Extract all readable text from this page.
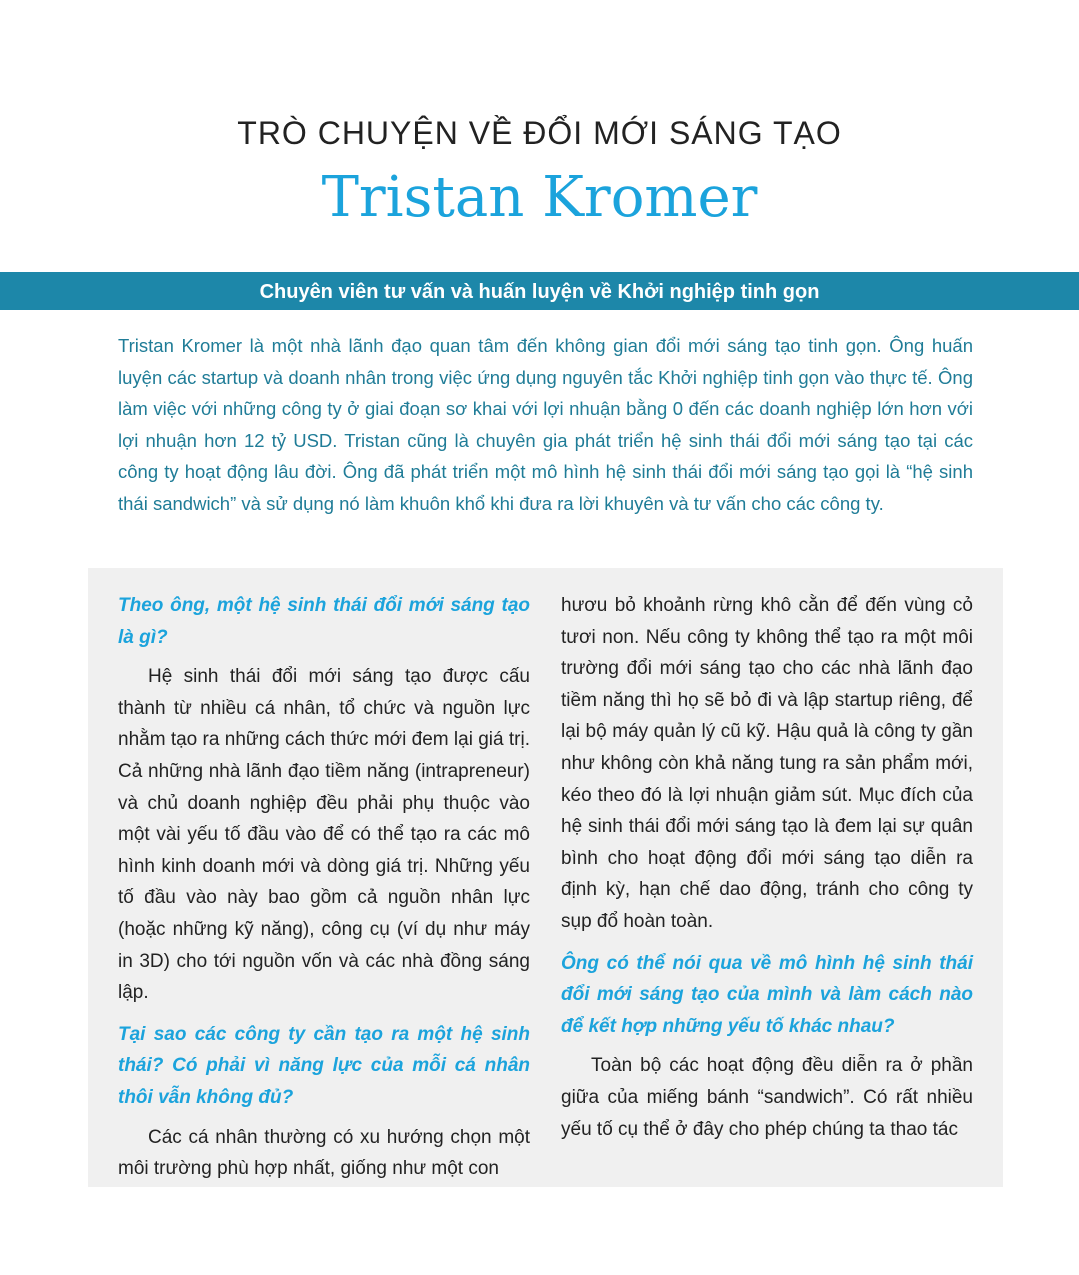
TRÒ CHUYỆN VỀ ĐỔI MỚI SÁNG TẠO
Tristan Kromer
Chuyên viên tư vấn và huấn luyện về Khởi nghiệp tinh gọn

Tristan Kromer là một nhà lãnh đạo quan tâm đến không gian đổi mới sáng tạo tinh gọn. Ông huấn luyện các startup và doanh nhân trong việc ứng dụng nguyên tắc Khởi nghiệp tinh gọn vào thực tế. Ông làm việc với những công ty ở giai đoạn sơ khai với lợi nhuận bằng 0 đến các doanh nghiệp lớn hơn với lợi nhuận hơn 12 tỷ USD. Tristan cũng là chuyên gia phát triển hệ sinh thái đổi mới sáng tạo tại các công ty hoạt động lâu đời. Ông đã phát triển một mô hình hệ sinh thái đổi mới sáng tạo gọi là “hệ sinh thái sandwich” và sử dụng nó làm khuôn khổ khi đưa ra lời khuyên và tư vấn cho các công ty.

Theo ông, một hệ sinh thái đổi mới sáng tạo là gì?

Hệ sinh thái đổi mới sáng tạo được cấu thành từ nhiều cá nhân, tổ chức và nguồn lực nhằm tạo ra những cách thức mới đem lại giá trị. Cả những nhà lãnh đạo tiềm năng (intrapreneur) và chủ doanh nghiệp đều phải phụ thuộc vào một vài yếu tố đầu vào để có thể tạo ra các mô hình kinh doanh mới và dòng giá trị. Những yếu tố đầu vào này bao gồm cả nguồn nhân lực (hoặc những kỹ năng), công cụ (ví dụ như máy in 3D) cho tới nguồn vốn và các nhà đồng sáng lập.

Tại sao các công ty cần tạo ra một hệ sinh thái? Có phải vì năng lực của mỗi cá nhân thôi vẫn không đủ?

Các cá nhân thường có xu hướng chọn một môi trường phù hợp nhất, giống như một con

hươu bỏ khoảnh rừng khô cằn để đến vùng cỏ tươi non. Nếu công ty không thể tạo ra một môi trường đổi mới sáng tạo cho các nhà lãnh đạo tiềm năng thì họ sẽ bỏ đi và lập startup riêng, để lại bộ máy quản lý cũ kỹ. Hậu quả là công ty gần như không còn khả năng tung ra sản phẩm mới, kéo theo đó là lợi nhuận giảm sút. Mục đích của hệ sinh thái đổi mới sáng tạo là đem lại sự quân bình cho hoạt động đổi mới sáng tạo diễn ra định kỳ, hạn chế dao động, tránh cho công ty sụp đổ hoàn toàn.

Ông có thể nói qua về mô hình hệ sinh thái đổi mới sáng tạo của mình và làm cách nào để kết hợp những yếu tố khác nhau?

Toàn bộ các hoạt động đều diễn ra ở phần giữa của miếng bánh “sandwich”. Có rất nhiều yếu tố cụ thể ở đây cho phép chúng ta thao tác
